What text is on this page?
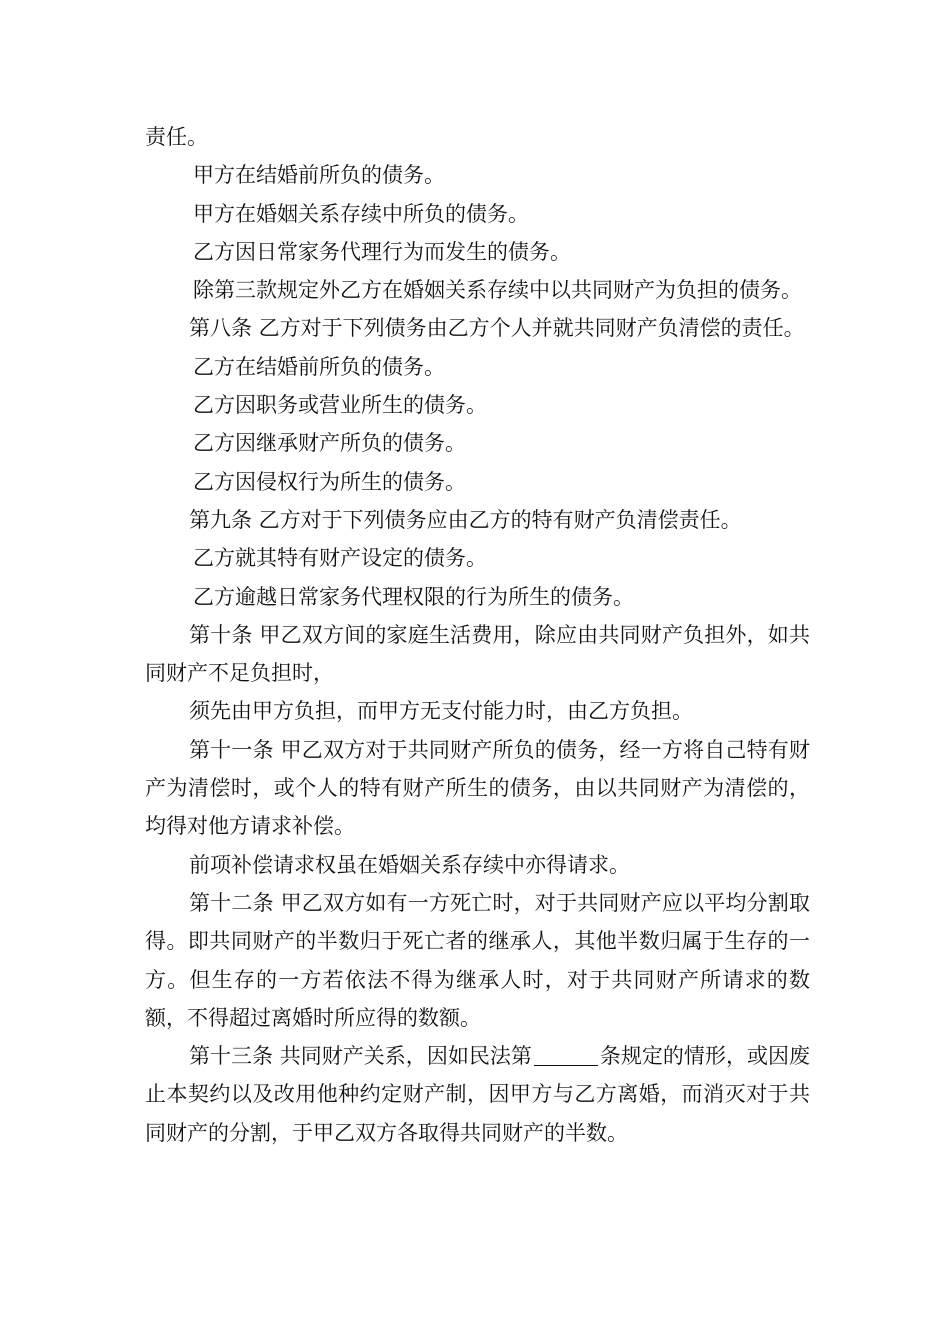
责任。

甲方在结婚前所负的债务。

甲方在婚姻关系存续中所负的债务。

乙方因日常家务代理行为而发生的债务。

除第三款规定外乙方在婚姻关系存续中以共同财产为负担的债务。

第八条 乙方对于下列债务由乙方个人并就共同财产负清偿的责任。

乙方在结婚前所负的债务。

乙方因职务或营业所生的债务。

乙方因继承财产所负的债务。

乙方因侵权行为所生的债务。

第九条 乙方对于下列债务应由乙方的特有财产负清偿责任。

乙方就其特有财产设定的债务。

乙方逾越日常家务代理权限的行为所生的债务。

第十条 甲乙双方间的家庭生活费用，除应由共同财产负担外，如共同财产不足负担时，

须先由甲方负担，而甲方无支付能力时，由乙方负担。

第十一条 甲乙双方对于共同财产所负的债务，经一方将自己特有财产为清偿时，或个人的特有财产所生的债务，由以共同财产为清偿的，均得对他方请求补偿。

前项补偿请求权虽在婚姻关系存续中亦得请求。

第十二条 甲乙双方如有一方死亡时，对于共同财产应以平均分割取得。即共同财产的半数归于死亡者的继承人，其他半数归属于生存的一方。但生存的一方若依法不得为继承人时，对于共同财产所请求的数额，不得超过离婚时所应得的数额。

第十三条 共同财产关系，因如民法第	条规定的情形，或因废止本契约以及改用他种约定财产制，因甲方与乙方离婚，而消灭对于共同财产的分割，于甲乙双方各取得共同财产的半数。
